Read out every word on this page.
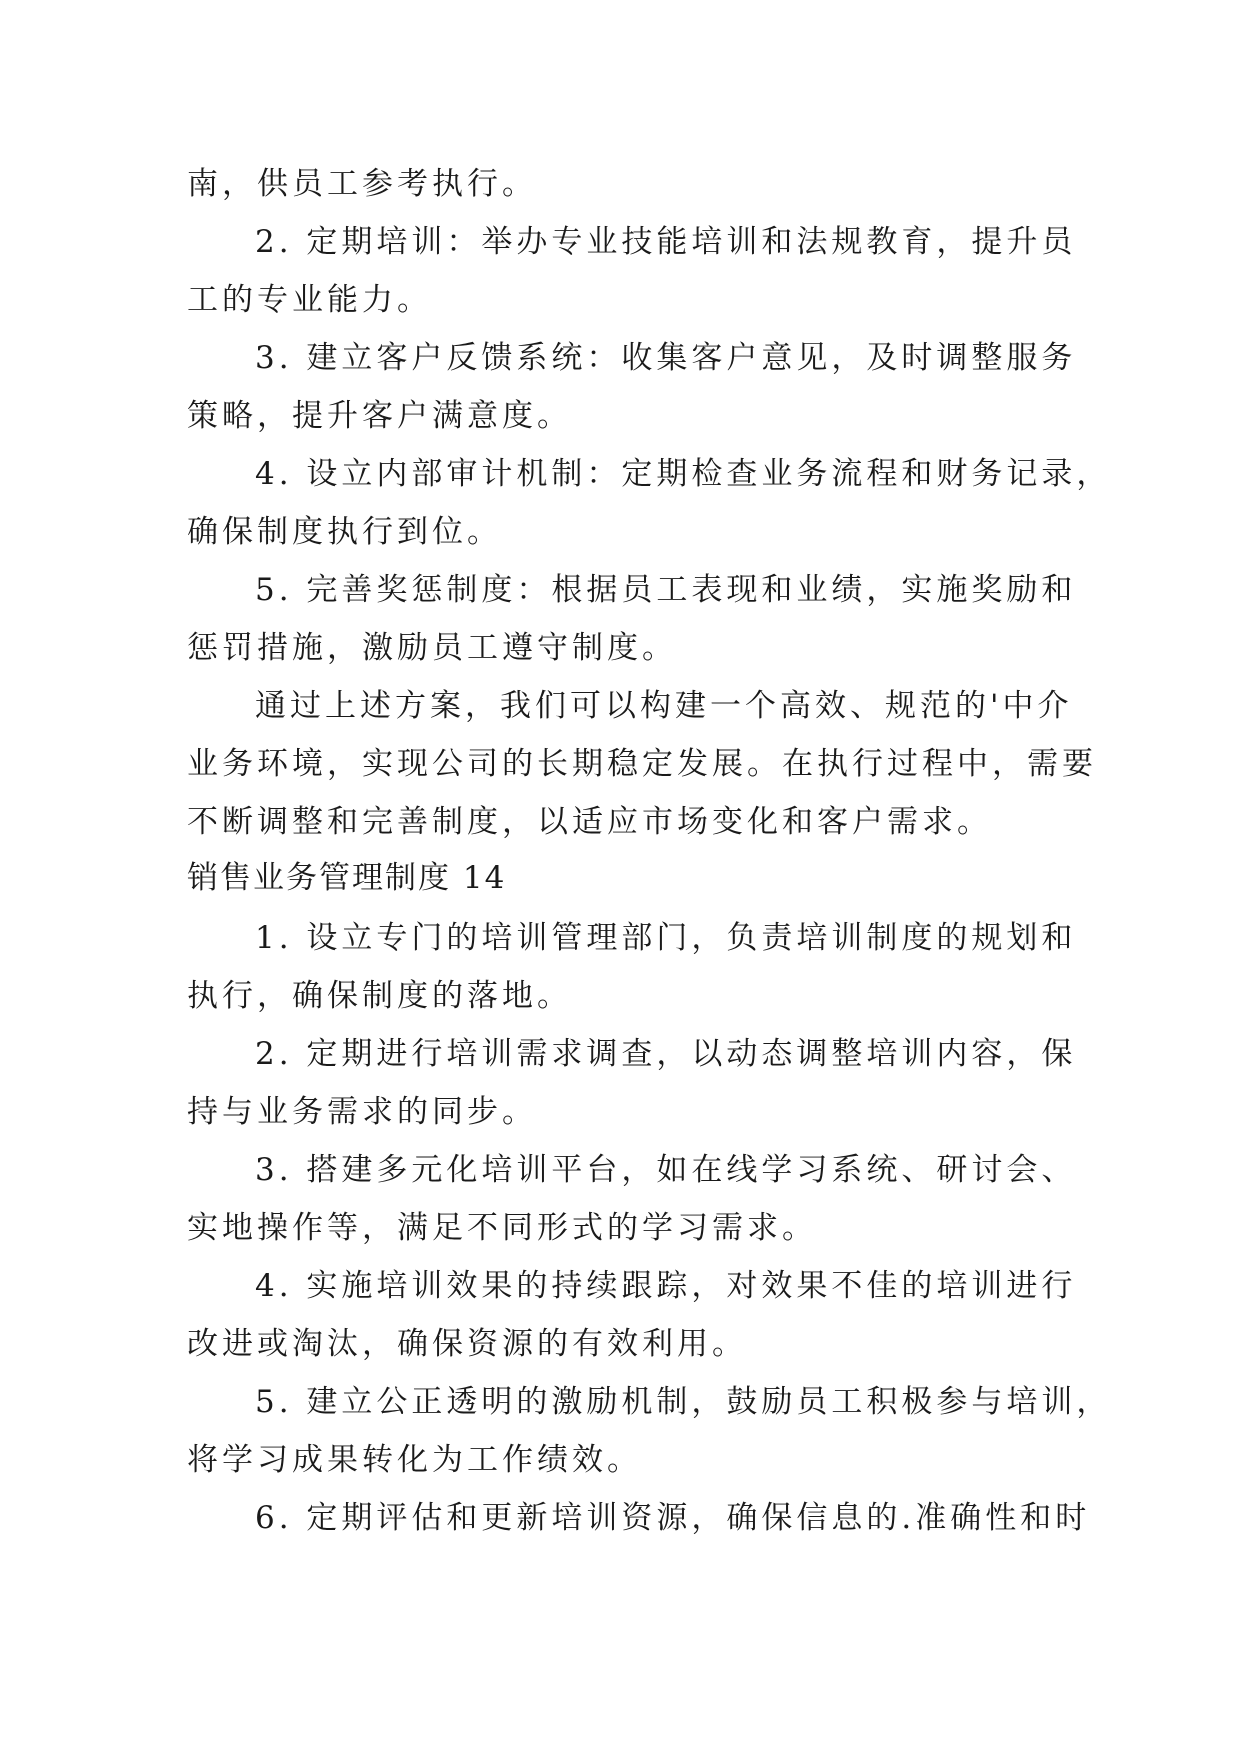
南，供员工参考执行。
2. 定期培训：举办专业技能培训和法规教育，提升员
工的专业能力。
3. 建立客户反馈系统：收集客户意见，及时调整服务
策略，提升客户满意度。
4. 设立内部审计机制：定期检查业务流程和财务记录，
确保制度执行到位。
5. 完善奖惩制度：根据员工表现和业绩，实施奖励和
惩罚措施，激励员工遵守制度。
通过上述方案，我们可以构建一个高效、规范的'中介
业务环境，实现公司的长期稳定发展。在执行过程中，需要
不断调整和完善制度，以适应市场变化和客户需求。
销售业务管理制度 14
1. 设立专门的培训管理部门，负责培训制度的规划和
执行，确保制度的落地。
2. 定期进行培训需求调查，以动态调整培训内容，保
持与业务需求的同步。
3. 搭建多元化培训平台，如在线学习系统、研讨会、
实地操作等，满足不同形式的学习需求。
4. 实施培训效果的持续跟踪，对效果不佳的培训进行
改进或淘汰，确保资源的有效利用。
5. 建立公正透明的激励机制，鼓励员工积极参与培训，
将学习成果转化为工作绩效。
6. 定期评估和更新培训资源，确保信息的.准确性和时
